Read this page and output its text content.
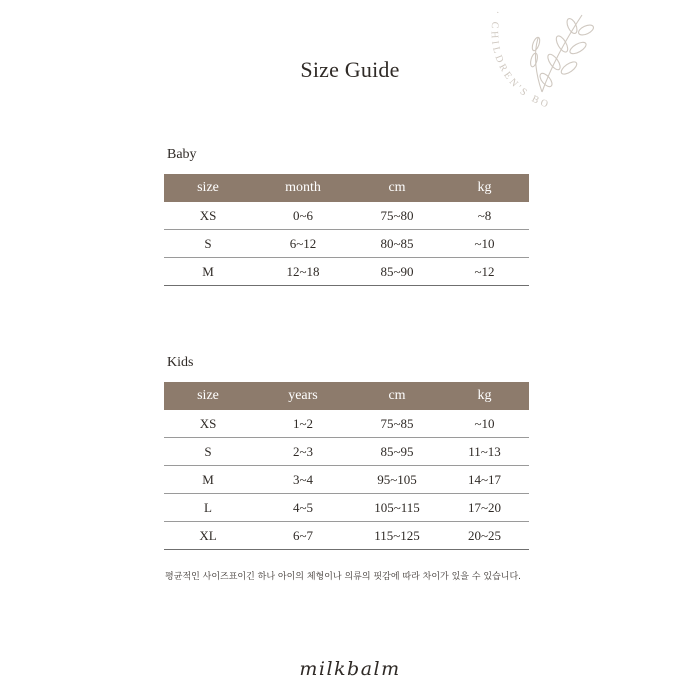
· CHILDREN'S BO
Size Guide
Baby
size	month	cm	kg
XS	0~6	75~80	~8
S	6~12	80~85	~10
M	12~18	85~90	~12
Kids
size	years	cm	kg
XS	1~2	75~85	~10
S	2~3	85~95	11~13
M	3~4	95~105	14~17
L	4~5	105~115	17~20
XL	6~7	115~125	20~25
평균적인 사이즈표이긴 하나 아이의 체형이나 의류의 핏감에 따라 차이가 있을 수 있습니다.
milkbalm
